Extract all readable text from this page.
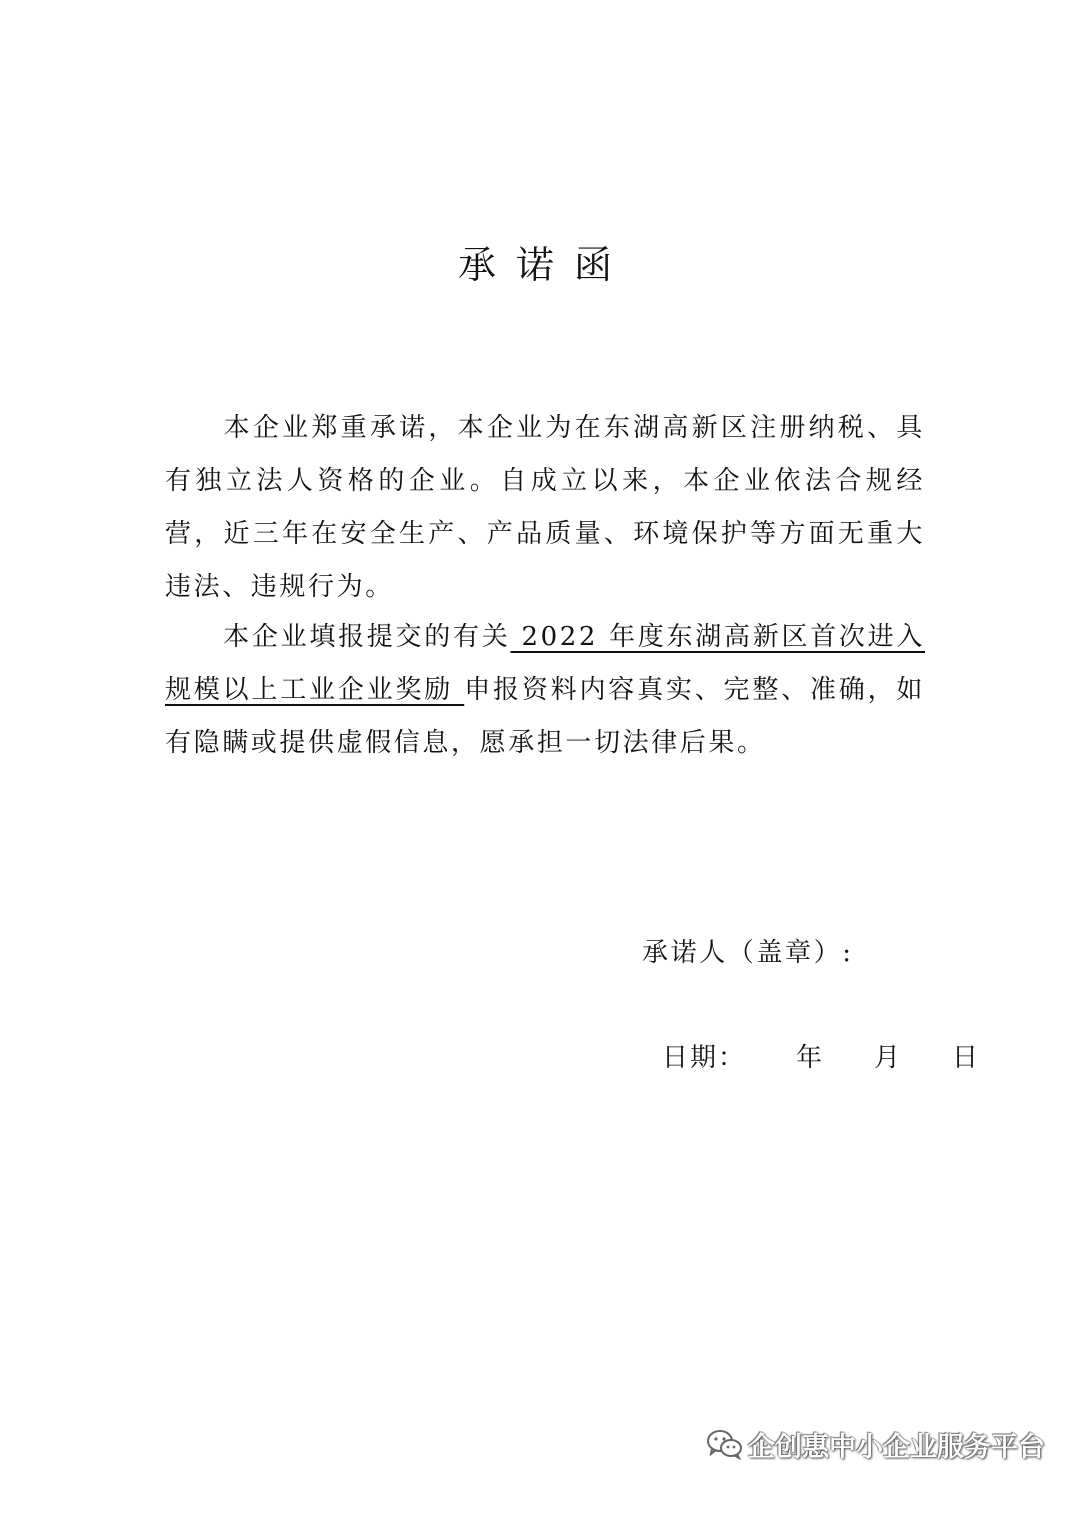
承诺函
本企业郑重承诺，本企业为在东湖高新区注册纳税、具有独立法人资格的企业。自成立以来，本企业依法合规经营，近三年在安全生产、产品质量、环境保护等方面无重大违法、违规行为。
本企业填报提交的有关 2022 年度东湖高新区首次进入规模以上工业企业奖励 申报资料内容真实、完整、准确，如有隐瞒或提供虚假信息，愿承担一切法律后果。
承诺人（盖章）:
日期： 年 月 日
企创惠中小企业服务平台
